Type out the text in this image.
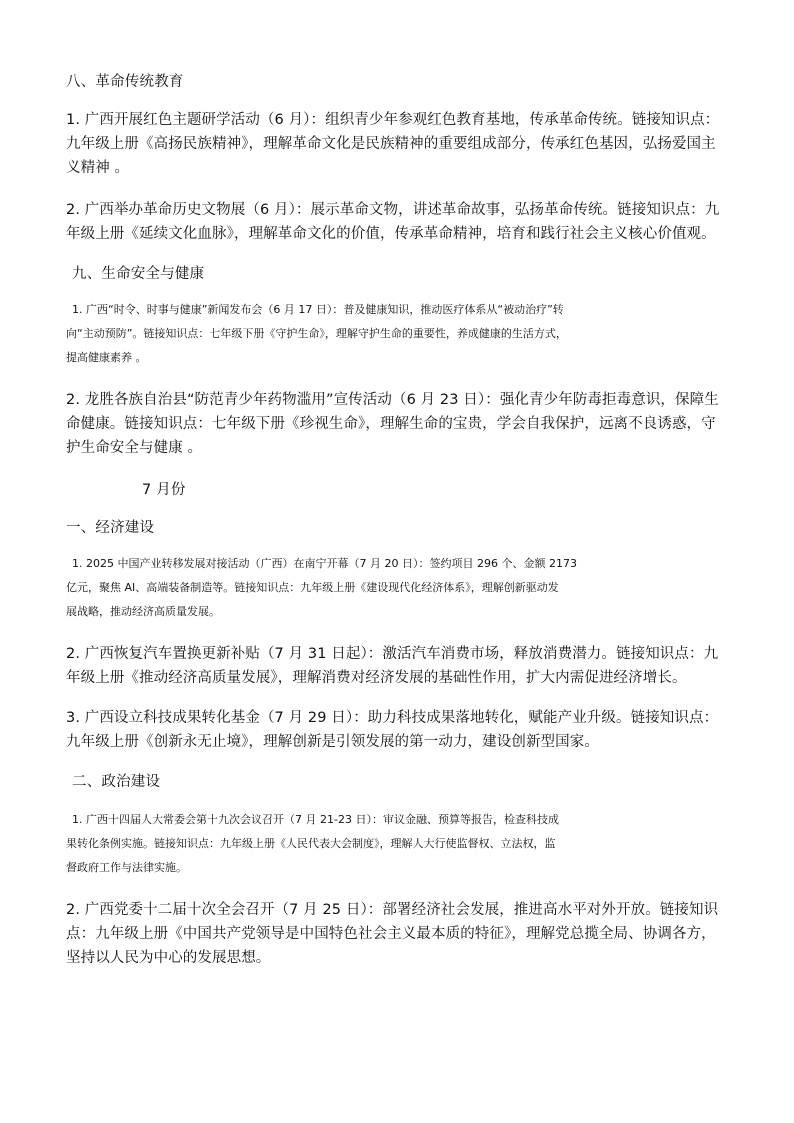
八、革命传统教育
1. 广西开展红色主题研学活动（6 月）：组织青少年参观红色教育基地，传承革命传统。链接知识点：
九年级上册《高扬民族精神》，理解革命文化是民族精神的重要组成部分，传承红色基因，弘扬爱国主
义精神 。
2. 广西举办革命历史文物展（6 月）：展示革命文物，讲述革命故事，弘扬革命传统。链接知识点：九
年级上册《延续文化血脉》，理解革命文化的价值，传承革命精神，培育和践行社会主义核心价值观。
九、生命安全与健康
1. 广西“时令、时事与健康”新闻发布会（6 月 17 日）：普及健康知识，推动医疗体系从“被动治疗”转
向“主动预防”。链接知识点：七年级下册《守护生命》，理解守护生命的重要性，养成健康的生活方式，
提高健康素养 。
2. 龙胜各族自治县“防范青少年药物滥用”宣传活动（6 月 23 日）：强化青少年防毒拒毒意识，保障生
命健康。链接知识点：七年级下册《珍视生命》，理解生命的宝贵，学会自我保护，远离不良诱惑，守
护生命安全与健康 。
7 月份
一、经济建设
1. 2025 中国产业转移发展对接活动（广西）在南宁开幕（7 月 20 日）：签约项目 296 个、金额 2173
亿元，聚焦 AI、高端装备制造等。链接知识点：九年级上册《建设现代化经济体系》，理解创新驱动发
展战略，推动经济高质量发展。
2. 广西恢复汽车置换更新补贴（7 月 31 日起）：激活汽车消费市场，释放消费潜力。链接知识点：九
年级上册《推动经济高质量发展》，理解消费对经济发展的基础性作用，扩大内需促进经济增长。
3. 广西设立科技成果转化基金（7 月 29 日）：助力科技成果落地转化，赋能产业升级。链接知识点：
九年级上册《创新永无止境》，理解创新是引领发展的第一动力，建设创新型国家。
二、政治建设
1. 广西十四届人大常委会第十九次会议召开（7 月 21-23 日）：审议金融、预算等报告，检查科技成
果转化条例实施。链接知识点：九年级上册《人民代表大会制度》，理解人大行使监督权、立法权，监
督政府工作与法律实施。
2. 广西党委十二届十次全会召开（7 月 25 日）：部署经济社会发展，推进高水平对外开放。链接知识
点：九年级上册《中国共产党领导是中国特色社会主义最本质的特征》，理解党总揽全局、协调各方，
坚持以人民为中心的发展思想。
